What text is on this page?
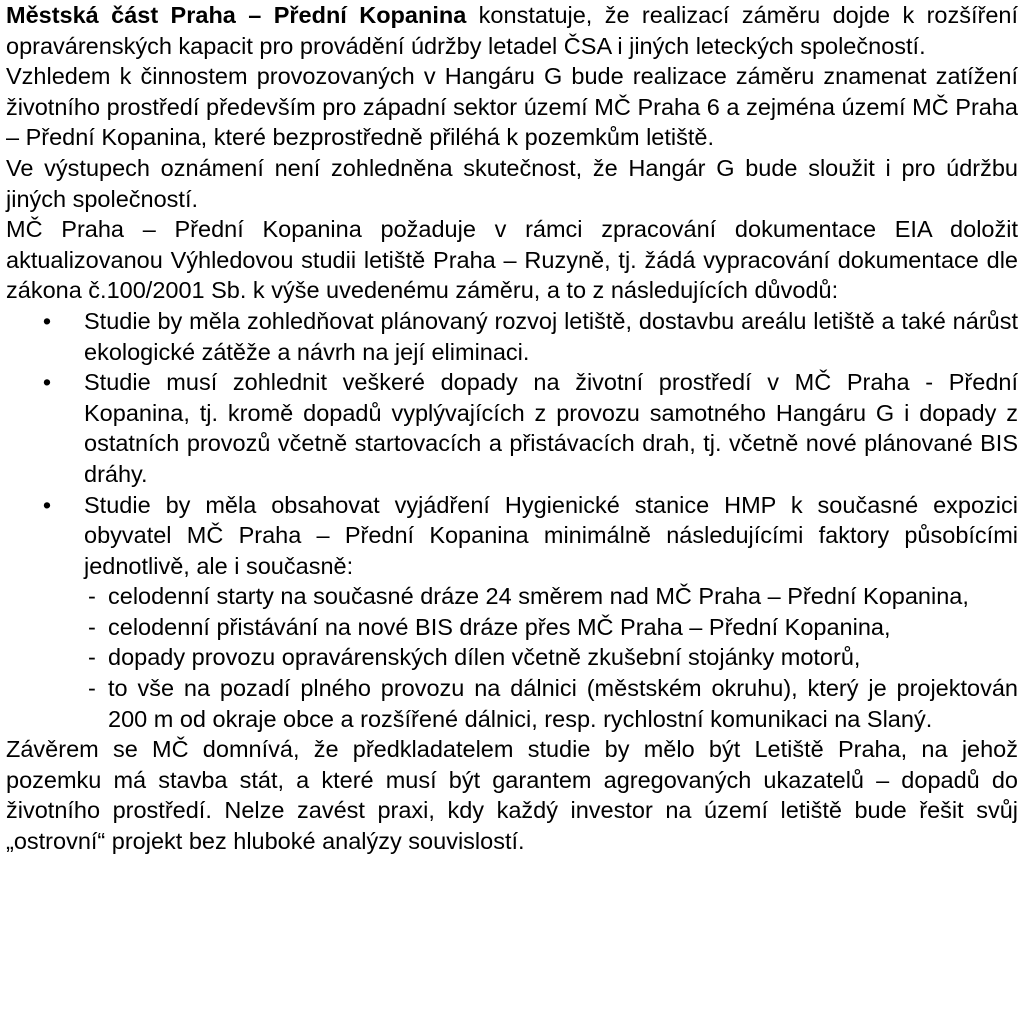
Městská část Praha – Přední Kopanina konstatuje, že realizací záměru dojde k rozšíření opravárenských kapacit pro provádění údržby letadel ČSA i jiných leteckých společností.

Vzhledem k činnostem provozovaných v Hangáru G bude realizace záměru znamenat zatížení životního prostředí především pro západní sektor území MČ Praha 6 a zejména území MČ Praha – Přední Kopanina, které bezprostředně přiléhá k pozemkům letiště.

Ve výstupech oznámení není zohledněna skutečnost, že Hangár G bude sloužit i pro údržbu jiných společností.

MČ Praha – Přední Kopanina požaduje v rámci zpracování dokumentace EIA doložit aktualizovanou Výhledovou studii letiště Praha – Ruzyně, tj. žádá vypracování dokumentace dle zákona č.100/2001 Sb. k výše uvedenému záměru, a to z následujících důvodů:

• Studie by měla zohledňovat plánovaný rozvoj letiště, dostavbu areálu letiště a také nárůst ekologické zátěže a návrh na její eliminaci.
• Studie musí zohlednit veškeré dopady na životní prostředí v MČ Praha - Přední Kopanina, tj. kromě dopadů vyplývajících z provozu samotného Hangáru G i dopady z ostatních provozů včetně startovacích a přistávacích drah, tj. včetně nové plánované BIS dráhy.
• Studie by měla obsahovat vyjádření Hygienické stanice HMP k současné expozici obyvatel MČ Praha – Přední Kopanina minimálně následujícími faktory působícími jednotlivě, ale i současně:
- celodenní starty na současné dráze 24 směrem nad MČ Praha – Přední Kopanina,
- celodenní přistávání na nové BIS dráze přes MČ Praha – Přední Kopanina,
- dopady provozu opravárenských dílen včetně zkušební stojánky motorů,
- to vše na pozadí plného provozu na dálnici (městském okruhu), který je projektován 200 m od okraje obce a rozšířené dálnici, resp. rychlostní komunikaci na Slaný.

Závěrem se MČ domnívá, že předkladatelem studie by mělo být Letiště Praha, na jehož pozemku má stavba stát, a které musí být garantem agregovaných ukazatelů – dopadů do životního prostředí. Nelze zavést praxi, kdy každý investor na území letiště bude řešit svůj „ostrovní“ projekt bez hluboké analýzy souvislostí.
